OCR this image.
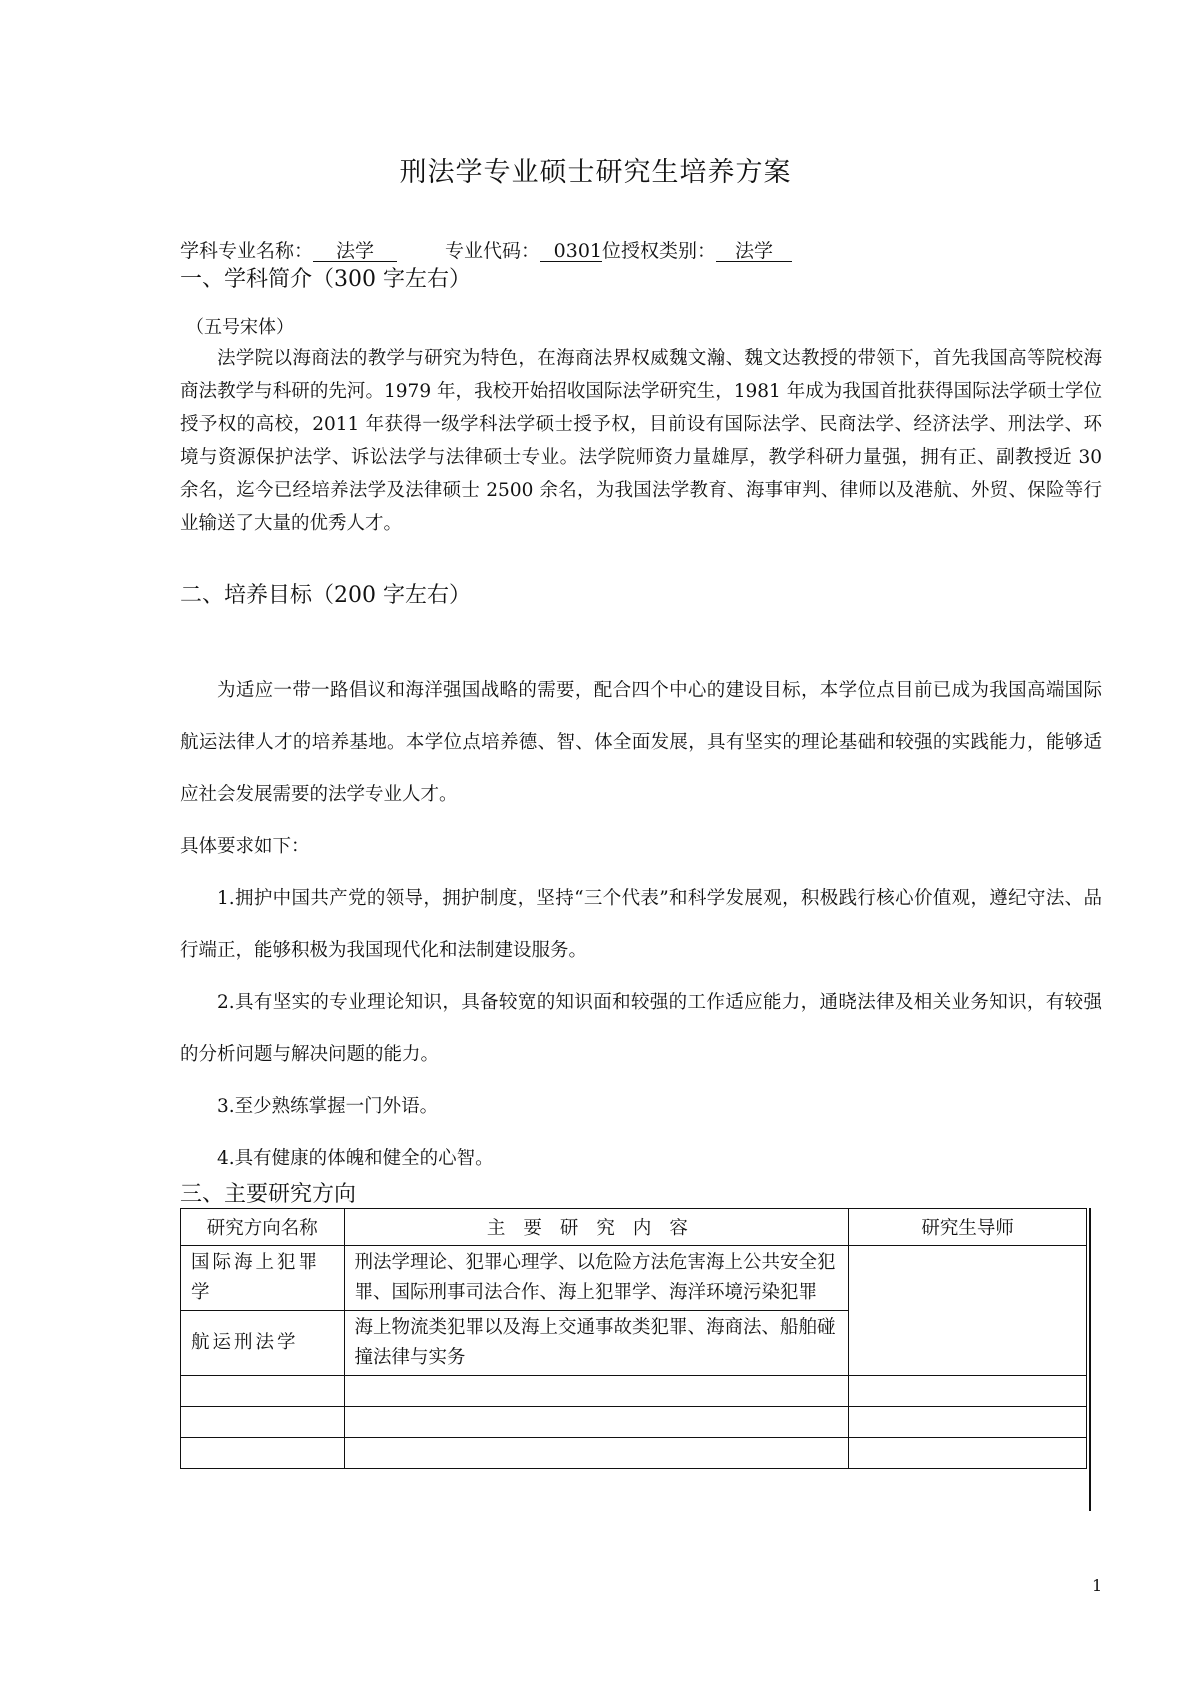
刑法学专业硕士研究生培养方案
学科专业名称： 法学	专业代码： 0301位授权类别： 法学
一、学科简介（300 字左右）
（五号宋体）

法学院以海商法的教学与研究为特色，在海商法界权威魏文瀚、魏文达教授的带领下，首先我国高等院校海商法教学与科研的先河。1979 年，我校开始招收国际法学研究生，1981 年成为我国首批获得国际法学硕士学位授予权的高校，2011 年获得一级学科法学硕士授予权，目前设有国际法学、民商法学、经济法学、刑法学、环境与资源保护法学、诉讼法学与法律硕士专业。法学院师资力量雄厚，教学科研力量强，拥有正、副教授近 30 余名，迄今已经培养法学及法律硕士 2500 余名，为我国法学教育、海事审判、律师以及港航、外贸、保险等行业输送了大量的优秀人才。

二、培养目标（200 字左右）

为适应一带一路倡议和海洋强国战略的需要，配合四个中心的建设目标，本学位点目前已成为我国高端国际航运法律人才的培养基地。本学位点培养德、智、体全面发展，具有坚实的理论基础和较强的实践能力，能够适应社会发展需要的法学专业人才。

具体要求如下：

1.拥护中国共产党的领导，拥护制度，坚持“三个代表”和科学发展观，积极践行核心价值观，遵纪守法、品行端正，能够积极为我国现代化和法制建设服务。

2.具有坚实的专业理论知识，具备较宽的知识面和较强的工作适应能力，通晓法律及相关业务知识，有较强的分析问题与解决问题的能力。

3.至少熟练掌握一门外语。

4.具有健康的体魄和健全的心智。

三、主要研究方向
研究方向名称	主要研究内容	研究生导师
国际海上犯罪学	刑法学理论、犯罪心理学、以危险方法危害海上公共安全犯罪、国际刑事司法合作、海上犯罪学、海洋环境污染犯罪	
航运刑法学	海上物流类犯罪以及海上交通事故类犯罪、海商法、船舶碰撞法律与实务	

1
